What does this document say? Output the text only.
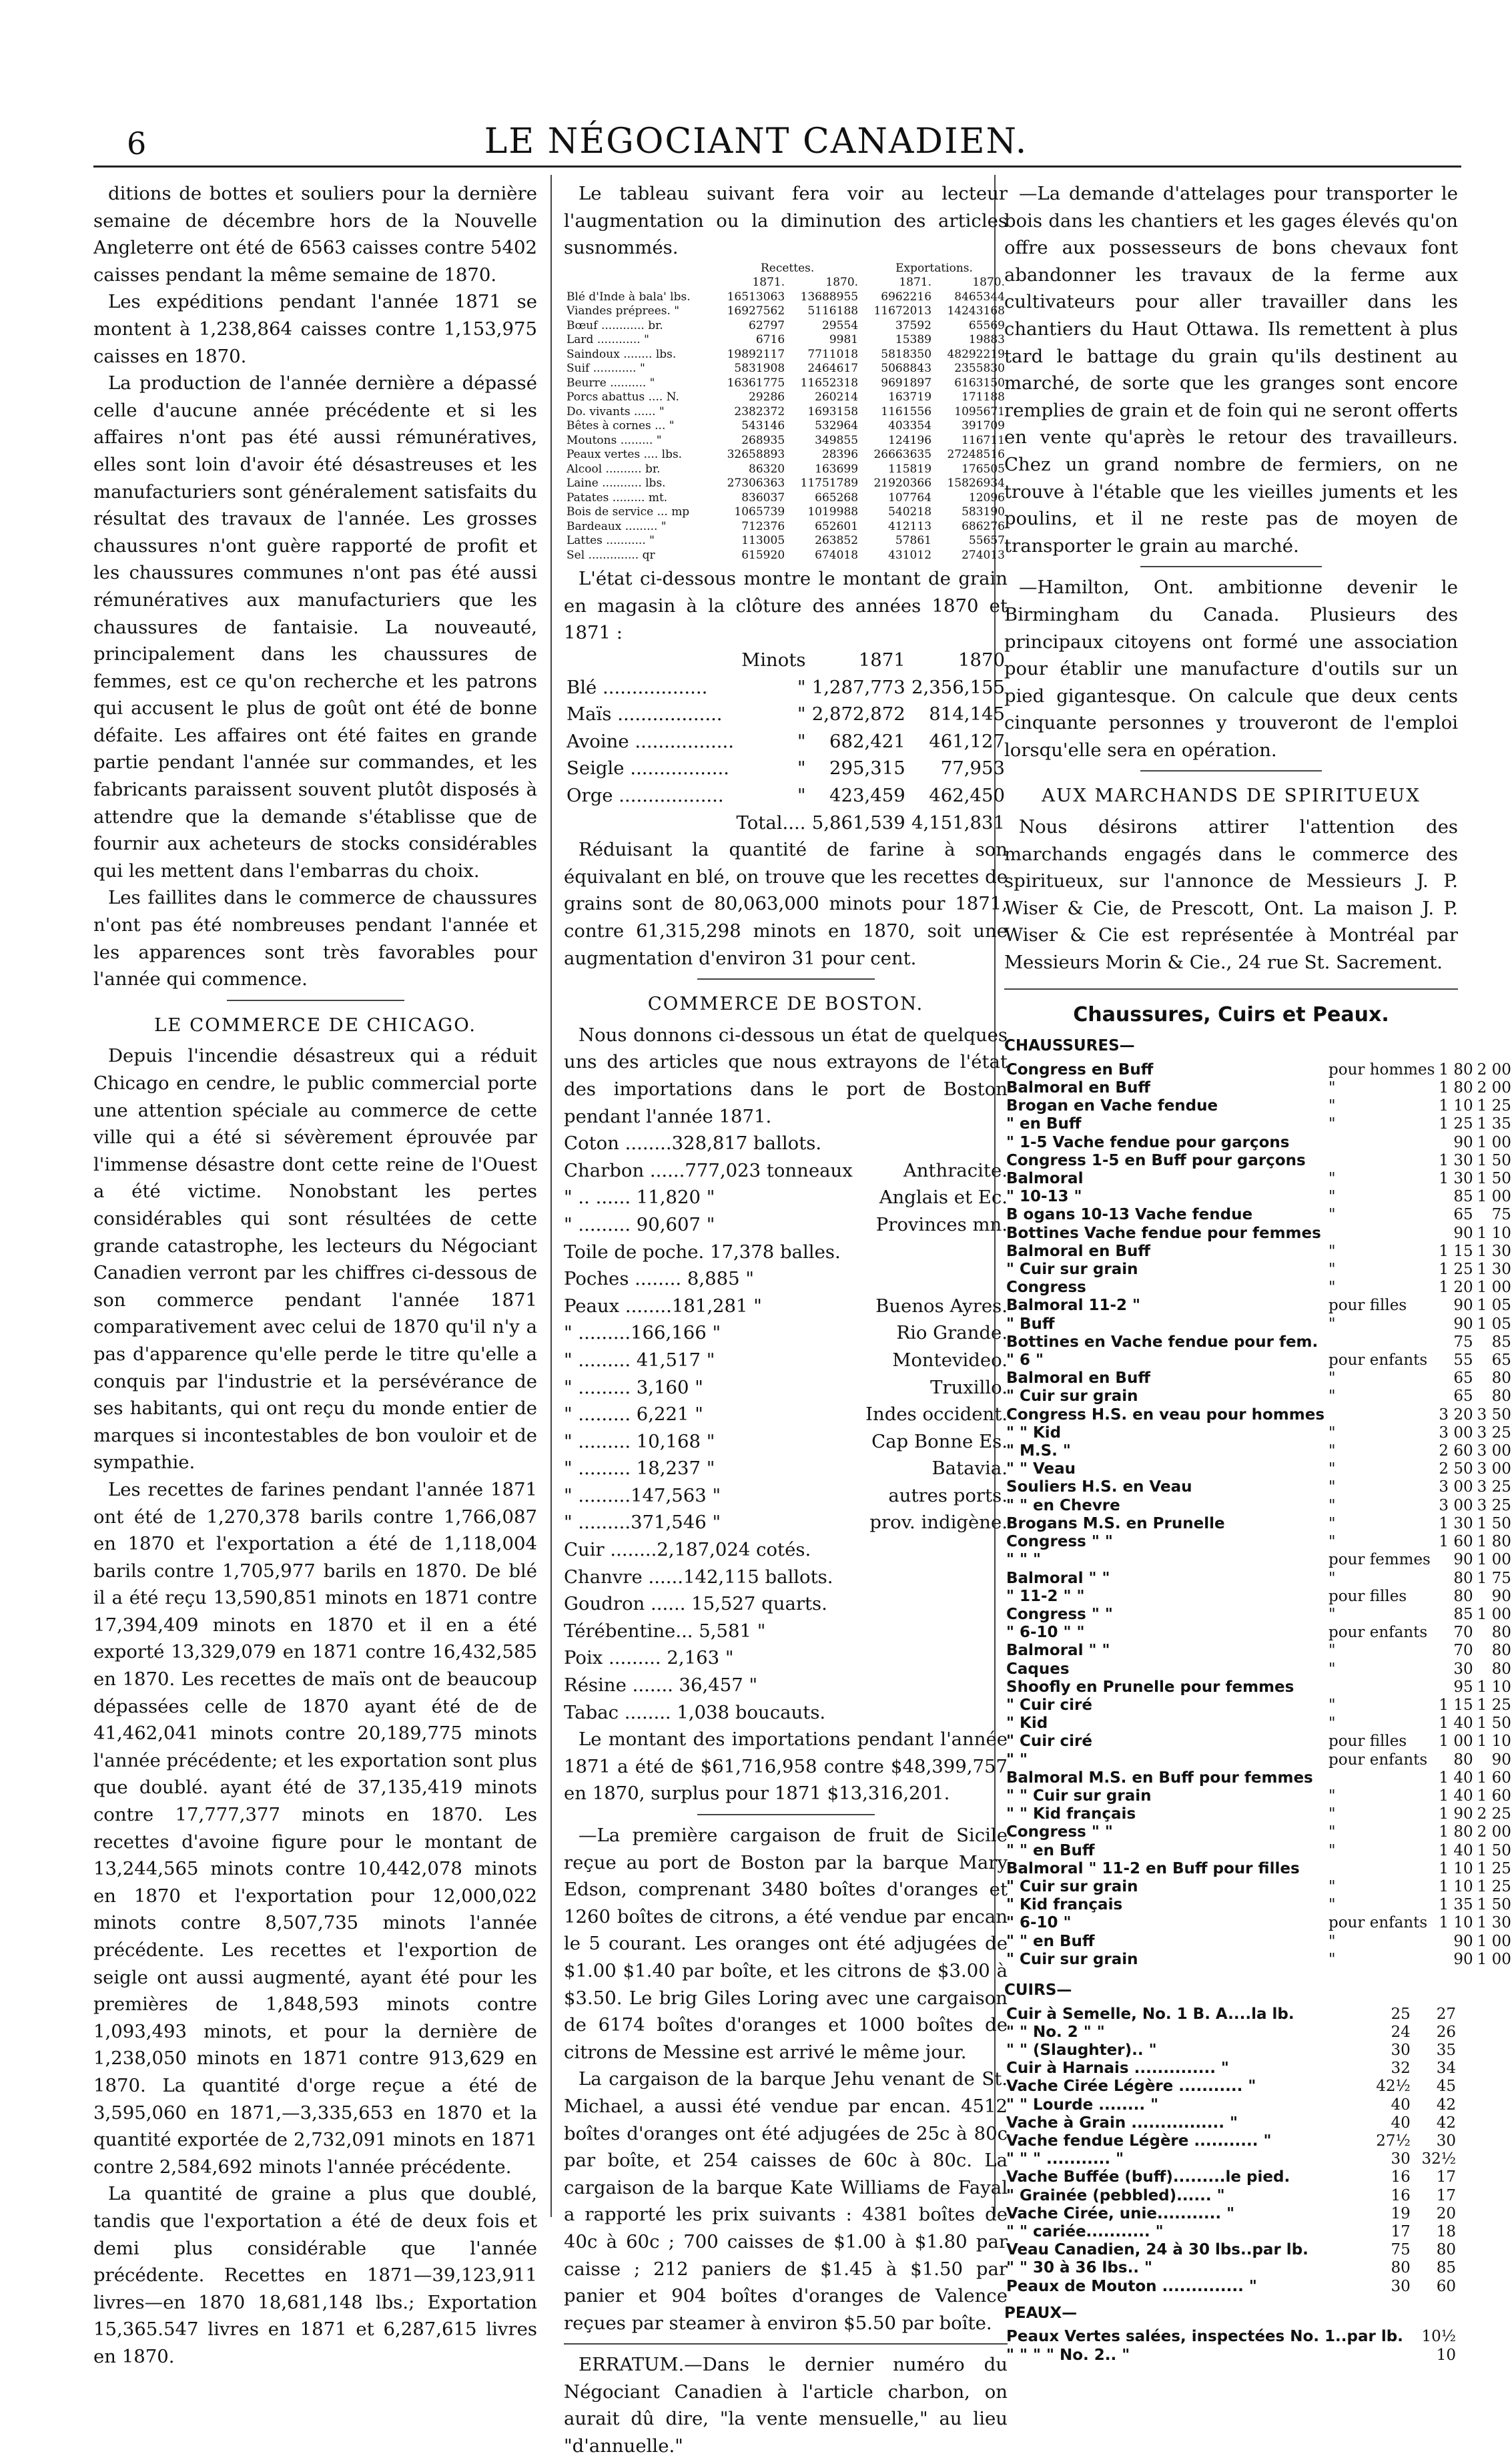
6	LE NÉGOCIANT CANADIEN.

ditions de bottes et souliers pour la dernière semaine de décembre hors de la Nouvelle Angleterre ont été de 6563 caisses contre 5402 caisses pendant la même semaine de 1870.

Les expéditions pendant l'année 1871 se montent à 1,238,864 caisses contre 1,153,975 caisses en 1870.

La production de l'année dernière a dépassé celle d'aucune année précédente et si les affaires n'ont pas été aussi rémunératives, elles sont loin d'avoir été désastreuses et les manufacturiers sont généralement satisfaits du résultat des travaux de l'année. Les grosses chaussures n'ont guère rapporté de profit et les chaussures communes n'ont pas été aussi rémunératives aux manufacturiers que les chaussures de fantaisie. La nouveauté, principalement dans les chaussures de femmes, est ce qu'on recherche et les patrons qui accusent le plus de goût ont été de bonne défaite. Les affaires ont été faites en grande partie pendant l'année sur commandes, et les fabricants paraissent souvent plutôt disposés à attendre que la demande s'établisse que de fournir aux acheteurs de stocks considérables qui les mettent dans l'embarras du choix.

Les faillites dans le commerce de chaussures n'ont pas été nombreuses pendant l'année et les apparences sont très favorables pour l'année qui commence.

LE COMMERCE DE CHICAGO.

Depuis l'incendie désastreux qui a réduit Chicago en cendre, le public commercial porte une attention spéciale au commerce de cette ville qui a été si sévèrement éprouvée par l'immense désastre dont cette reine de l'Ouest a été victime. Nonobstant les pertes considérables qui sont résultées de cette grande catastrophe, les lecteurs du Négociant Canadien verront par les chiffres ci-dessous de son commerce pendant l'année 1871 comparativement avec celui de 1870 qu'il n'y a pas d'apparence qu'elle perde le titre qu'elle a conquis par l'industrie et la persévérance de ses habitants, qui ont reçu du monde entier de marques si incontestables de bon vouloir et de sympathie.

Les recettes de farines pendant l'année 1871 ont été de 1,270,378 barils contre 1,766,087 en 1870 et l'exportation a été de 1,118,004 barils contre 1,705,977 barils en 1870. De blé il a été reçu 13,590,851 minots en 1871 contre 17,394,409 minots en 1870 et il en a été exporté 13,329,079 en 1871 contre 16,432,585 en 1870. Les recettes de maïs ont de beaucoup dépassées celle de 1870 ayant été de de 41,462,041 minots contre 20,189,775 minots l'année précédente; et les exportation sont plus que doublé. ayant été de 37,135,419 minots contre 17,777,377 minots en 1870. Les recettes d'avoine figure pour le montant de 13,244,565 minots contre 10,442,078 minots en 1870 et l'exportation pour 12,000,022 minots contre 8,507,735 minots l'année précédente. Les recettes et l'exportion de seigle ont aussi augmenté, ayant été pour les premières de 1,848,593 minots contre 1,093,493 minots, et pour la dernière de 1,238,050 minots en 1871 contre 913,629 en 1870. La quantité d'orge reçue a été de 3,595,060 en 1871,—3,335,653 en 1870 et la quantité exportée de 2,732,091 minots en 1871 contre 2,584,692 minots l'année précédente.

La quantité de graine a plus que doublé, tandis que l'exportation a été de deux fois et demi plus considérable que l'année précédente. Recettes en 1871—39,123,911 livres—en 1870 18,681,148 lbs.; Exportation 15,365.547 livres en 1871 et 6,287,615 livres en 1870.

Le tableau suivant fera voir au lecteur l'augmentation ou la diminution des articles susnommés.

	Recettes.		Exportations.	
	1871.	1870.	1871.	1870.
Blé d'Inde à bala' lbs.	16513063	13688955	6962216	8465344
Viandes préprees. "	16927562	5116188	11672013	14243168
Bœuf ............ br.	62797	29554	37592	65569
Lard ............ "	6716	9981	15389	19883
Saindoux ........ lbs.	19892117	7711018	5818350	48292219
Suif ............ "	5831908	2464617	5068843	2355830
Beurre .......... "	16361775	11652318	9691897	6163150
Porcs abattus .... N.	29286	260214	163719	171188
Do. vivants ...... "	2382372	1693158	1161556	1095671
Bêtes à cornes ... "	543146	532964	403354	391709
Moutons ......... "	268935	349855	124196	116711
Peaux vertes .... lbs.	32658893	28396	26663635	27248516
Alcool .......... br.	86320	163699	115819	176505
Laine ........... lbs.	27306363	11751789	21920366	15826934
Patates ......... mt.	836037	665268	107764	12096
Bois de service ... mp	1065739	1019988	540218	583190
Bardeaux ......... "	712376	652601	412113	686276
Lattes ........... "	113005	263852	57861	55657
Sel .............. qr	615920	674018	431012	274013

L'état ci-dessous montre le montant de grain en magasin à la clôture des années 1870 et 1871 :

	Minots	1871	1870
Blé ..................	"	1,287,773	2,356,155
Maïs ..................	"	2,872,872	814,145
Avoine .................	"	682,421	461,127
Seigle .................	"	295,315	77,953
Orge ..................	"	423,459	462,450
Total....		5,861,539	4,151,831

Réduisant la quantité de farine à son équivalant en blé, on trouve que les recettes de grains sont de 80,063,000 minots pour 1871, contre 61,315,298 minots en 1870, soit une augmentation d'environ 31 pour cent.

COMMERCE DE BOSTON.

Nous donnons ci-dessous un état de quelques uns des articles que nous extrayons de l'état des importations dans le port de Boston pendant l'année 1871.

Coton ........328,817 ballots.
Charbon ......777,023 tonneaux	Anthracite.
" .. ...... 11,820 "	Anglais et Ec.
" ......... 90,607 "	Provinces mn.
Toile de poche. 17,378 balles.
Poches ........ 8,885 "
Peaux ........181,281 "	Buenos Ayres.
" .........166,166 "	Rio Grande.
" ......... 41,517 "	Montevideo.
" ......... 3,160 "	Truxillo.
" ......... 6,221 "	Indes occident.
" ......... 10,168 "	Cap Bonne Es.
" ......... 18,237 "	Batavia.
" .........147,563 "	autres ports.
" .........371,546 "	prov. indigène.
Cuir ........2,187,024 cotés.
Chanvre ......142,115 ballots.
Goudron ...... 15,527 quarts.
Térébentine... 5,581 "
Poix ......... 2,163 "
Résine ....... 36,457 "
Tabac ........ 1,038 boucauts.

Le montant des importations pendant l'année 1871 a été de $61,716,958 contre $48,399,757 en 1870, surplus pour 1871 $13,316,201.

—La première cargaison de fruit de Sicile reçue au port de Boston par la barque Mary Edson, comprenant 3480 boîtes d'oranges et 1260 boîtes de citrons, a été vendue par encan le 5 courant. Les oranges ont été adjugées de $1.00 $1.40 par boîte, et les citrons de $3.00 à $3.50. Le brig Giles Loring avec une cargaison de 6174 boîtes d'oranges et 1000 boîtes de citrons de Messine est arrivé le même jour.

La cargaison de la barque Jehu venant de St. Michael, a aussi été vendue par encan. 4512 boîtes d'oranges ont été adjugées de 25c à 80c par boîte, et 254 caisses de 60c à 80c. La cargaison de la barque Kate Williams de Fayal a rapporté les prix suivants : 4381 boîtes de 40c à 60c ; 700 caisses de $1.00 à $1.80 par caisse ; 212 paniers de $1.45 à $1.50 par panier et 904 boîtes d'oranges de Valence reçues par steamer à environ $5.50 par boîte.

ERRATUM.—Dans le dernier numéro du Négociant Canadien à l'article charbon, on aurait dû dire, "la vente mensuelle," au lieu "d'annuelle."

—La demande d'attelages pour transporter le bois dans les chantiers et les gages élevés qu'on offre aux possesseurs de bons chevaux font abandonner les travaux de la ferme aux cultivateurs pour aller travailler dans les chantiers du Haut Ottawa. Ils remettent à plus tard le battage du grain qu'ils destinent au marché, de sorte que les granges sont encore remplies de grain et de foin qui ne seront offerts en vente qu'après le retour des travailleurs. Chez un grand nombre de fermiers, on ne trouve à l'étable que les vieilles juments et les poulins, et il ne reste pas de moyen de transporter le grain au marché.

—Hamilton, Ont. ambitionne devenir le Birmingham du Canada. Plusieurs des principaux citoyens ont formé une association pour établir une manufacture d'outils sur un pied gigantesque. On calcule que deux cents cinquante personnes y trouveront de l'emploi lorsqu'elle sera en opération.

AUX MARCHANDS DE SPIRITUEUX

Nous désirons attirer l'attention des marchands engagés dans le commerce des spiritueux, sur l'annonce de Messieurs J. P. Wiser & Cie, de Prescott, Ont. La maison J. P. Wiser & Cie est représentée à Montréal par Messieurs Morin & Cie., 24 rue St. Sacrement.

Chaussures, Cuirs et Peaux.
CHAUSSURES—
Congress en Buff	pour hommes	1 80	2 00
Balmoral en Buff	"	1 80	2 00
Brogan en Vache fendue	"	1 10	1 25
" en Buff	"	1 25	1 35
" 1-5 Vache fendue pour garçons		90	1 00
Congress 1-5 en Buff pour garçons		1 30	1 50
Balmoral	"	1 30	1 50
" 10-13 "	"	85	1 00
B ogans 10-13 Vache fendue	"	65	75
Bottines Vache fendue pour femmes		90	1 10
Balmoral en Buff	"	1 15	1 30
" Cuir sur grain	"	1 25	1 30
Congress	"	1 20	1 00
Balmoral 11-2 "	pour filles	90	1 05
" Buff	"	90	1 05
Bottines en Vache fendue pour fem.		75	85
" 6 "	pour enfants	55	65
Balmoral en Buff	"	65	80
" Cuir sur grain	"	65	80
Congress H.S. en veau pour hommes		3 20	3 50
" " Kid	"	3 00	3 25
" M.S. "	"	2 60	3 00
" " Veau	"	2 50	3 00
Souliers H.S. en Veau	"	3 00	3 25
" " en Chevre	"	3 00	3 25
Brogans M.S. en Prunelle	"	1 30	1 50
Congress " "	"	1 60	1 80
" " "	pour femmes	90	1 00
Balmoral " "	"	80	1 75
" 11-2 " "	pour filles	80	90
Congress " "	"	85	1 00
" 6-10 " "	pour enfants	70	80
Balmoral " "	"	70	80
Caques	"	30	80
Shoofly en Prunelle pour femmes		95	1 10
" Cuir ciré	"	1 15	1 25
" Kid	"	1 40	1 50
" Cuir ciré	pour filles	1 00	1 10
" "	pour enfants	80	90
Balmoral M.S. en Buff pour femmes		1 40	1 60
" " Cuir sur grain	"	1 40	1 60
" " Kid français	"	1 90	2 25
Congress " "	"	1 80	2 00
" " en Buff	"	1 40	1 50
Balmoral " 11-2 en Buff pour filles		1 10	1 25
" Cuir sur grain	"	1 10	1 25
" Kid français	"	1 35	1 50
" 6-10 "	pour enfants	1 10	1 30
" " en Buff	"	90	1 00
" Cuir sur grain	"	90	1 00
CUIRS—
Cuir à Semelle, No. 1 B. A....la lb.	25	27
" " No. 2 " "	24	26
" " (Slaughter).. "	30	35
Cuir à Harnais .............. "	32	34
Vache Cirée Légère ........... "	42½	45
" " Lourde ........ "	40	42
Vache à Grain ................ "	40	42
Vache fendue Légère ........... "	27½	30
" " " ........... "	30	32½
Vache Buffée (buff).........le pied.	16	17
" Grainée (pebbled)...... "	16	17
Vache Cirée, unie........... "	19	20
" " cariée........... "	17	18
Veau Canadien, 24 à 30 lbs..par lb.	75	80
" " 30 à 36 lbs.. "	80	85
Peaux de Mouton .............. "	30	60
PEAUX—
Peaux Vertes salées, inspectées No. 1..par lb.	10½
" " " " No. 2.. "	10
